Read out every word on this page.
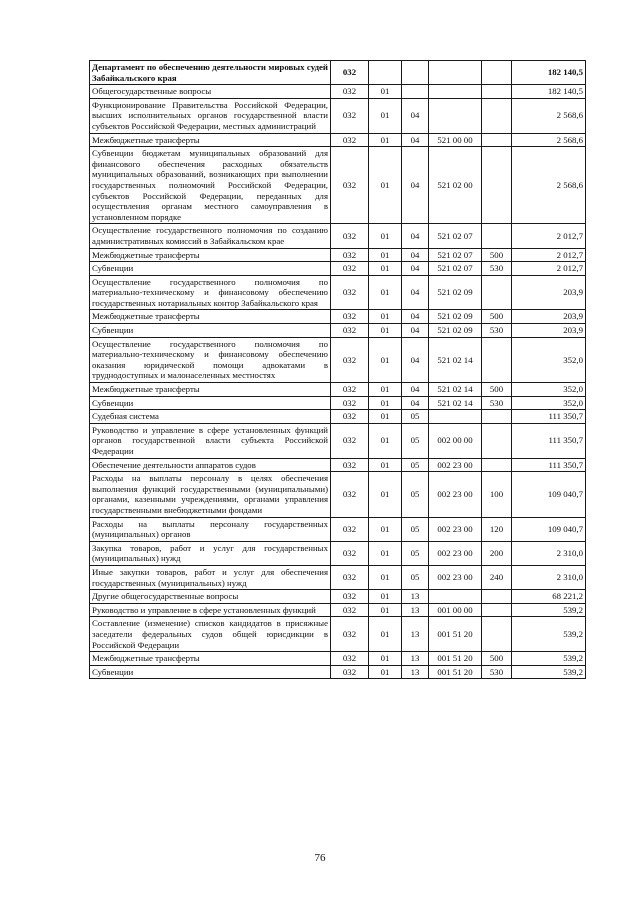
Департамент по обеспечению деятельности мировых судей Забайкальского края	032					182 140,5
Общегосударственные вопросы	032	01				182 140,5
Функционирование Правительства Российской Федерации, высших исполнительных органов государственной власти субъектов Российской Федерации, местных администраций	032	01	04			2 568,6
Межбюджетные трансферты	032	01	04	521 00 00		2 568,6
Субвенции бюджетам муниципальных образований для финансового обеспечения расходных обязательств муниципальных образований, возникающих при выполнении государственных полномочий Российской Федерации, субъектов Российской Федерации, переданных для осуществления органам местного самоуправления в установленном порядке	032	01	04	521 02 00		2 568,6
Осуществление государственного полномочия по созданию административных комиссий в Забайкальском крае	032	01	04	521 02 07		2 012,7
Межбюджетные трансферты	032	01	04	521 02 07	500	2 012,7
Субвенции	032	01	04	521 02 07	530	2 012,7
Осуществление государственного полномочия по материально-техническому и финансовому обеспечению государственных нотариальных контор Забайкальского края	032	01	04	521 02 09		203,9
Межбюджетные трансферты	032	01	04	521 02 09	500	203,9
Субвенции	032	01	04	521 02 09	530	203,9
Осуществление государственного полномочия по материально-техническому и финансовому обеспечению оказания юридической помощи адвокатами в труднодоступных и малонаселенных местностях	032	01	04	521 02 14		352,0
Межбюджетные трансферты	032	01	04	521 02 14	500	352,0
Субвенции	032	01	04	521 02 14	530	352,0
Судебная система	032	01	05			111 350,7
Руководство и управление в сфере установленных функций органов государственной власти субъекта Российской Федерации	032	01	05	002 00 00		111 350,7
Обеспечение деятельности аппаратов судов	032	01	05	002 23 00		111 350,7
Расходы на выплаты персоналу в целях обеспечения выполнения функций государственными (муниципальными) органами, казенными учреждениями, органами управления государственными внебюджетными фондами	032	01	05	002 23 00	100	109 040,7
Расходы на выплаты персоналу государственных (муниципальных) органов	032	01	05	002 23 00	120	109 040,7
Закупка товаров, работ и услуг для государственных (муниципальных) нужд	032	01	05	002 23 00	200	2 310,0
Иные закупки товаров, работ и услуг для обеспечения государственных (муниципальных) нужд	032	01	05	002 23 00	240	2 310,0
Другие общегосударственные вопросы	032	01	13			68 221,2
Руководство и управление в сфере установленных функций	032	01	13	001 00 00		539,2
Составление (изменение) списков кандидатов в присяжные заседатели федеральных судов общей юрисдикции в Российской Федерации	032	01	13	001 51 20		539,2
Межбюджетные трансферты	032	01	13	001 51 20	500	539,2
Субвенции	032	01	13	001 51 20	530	539,2
76
